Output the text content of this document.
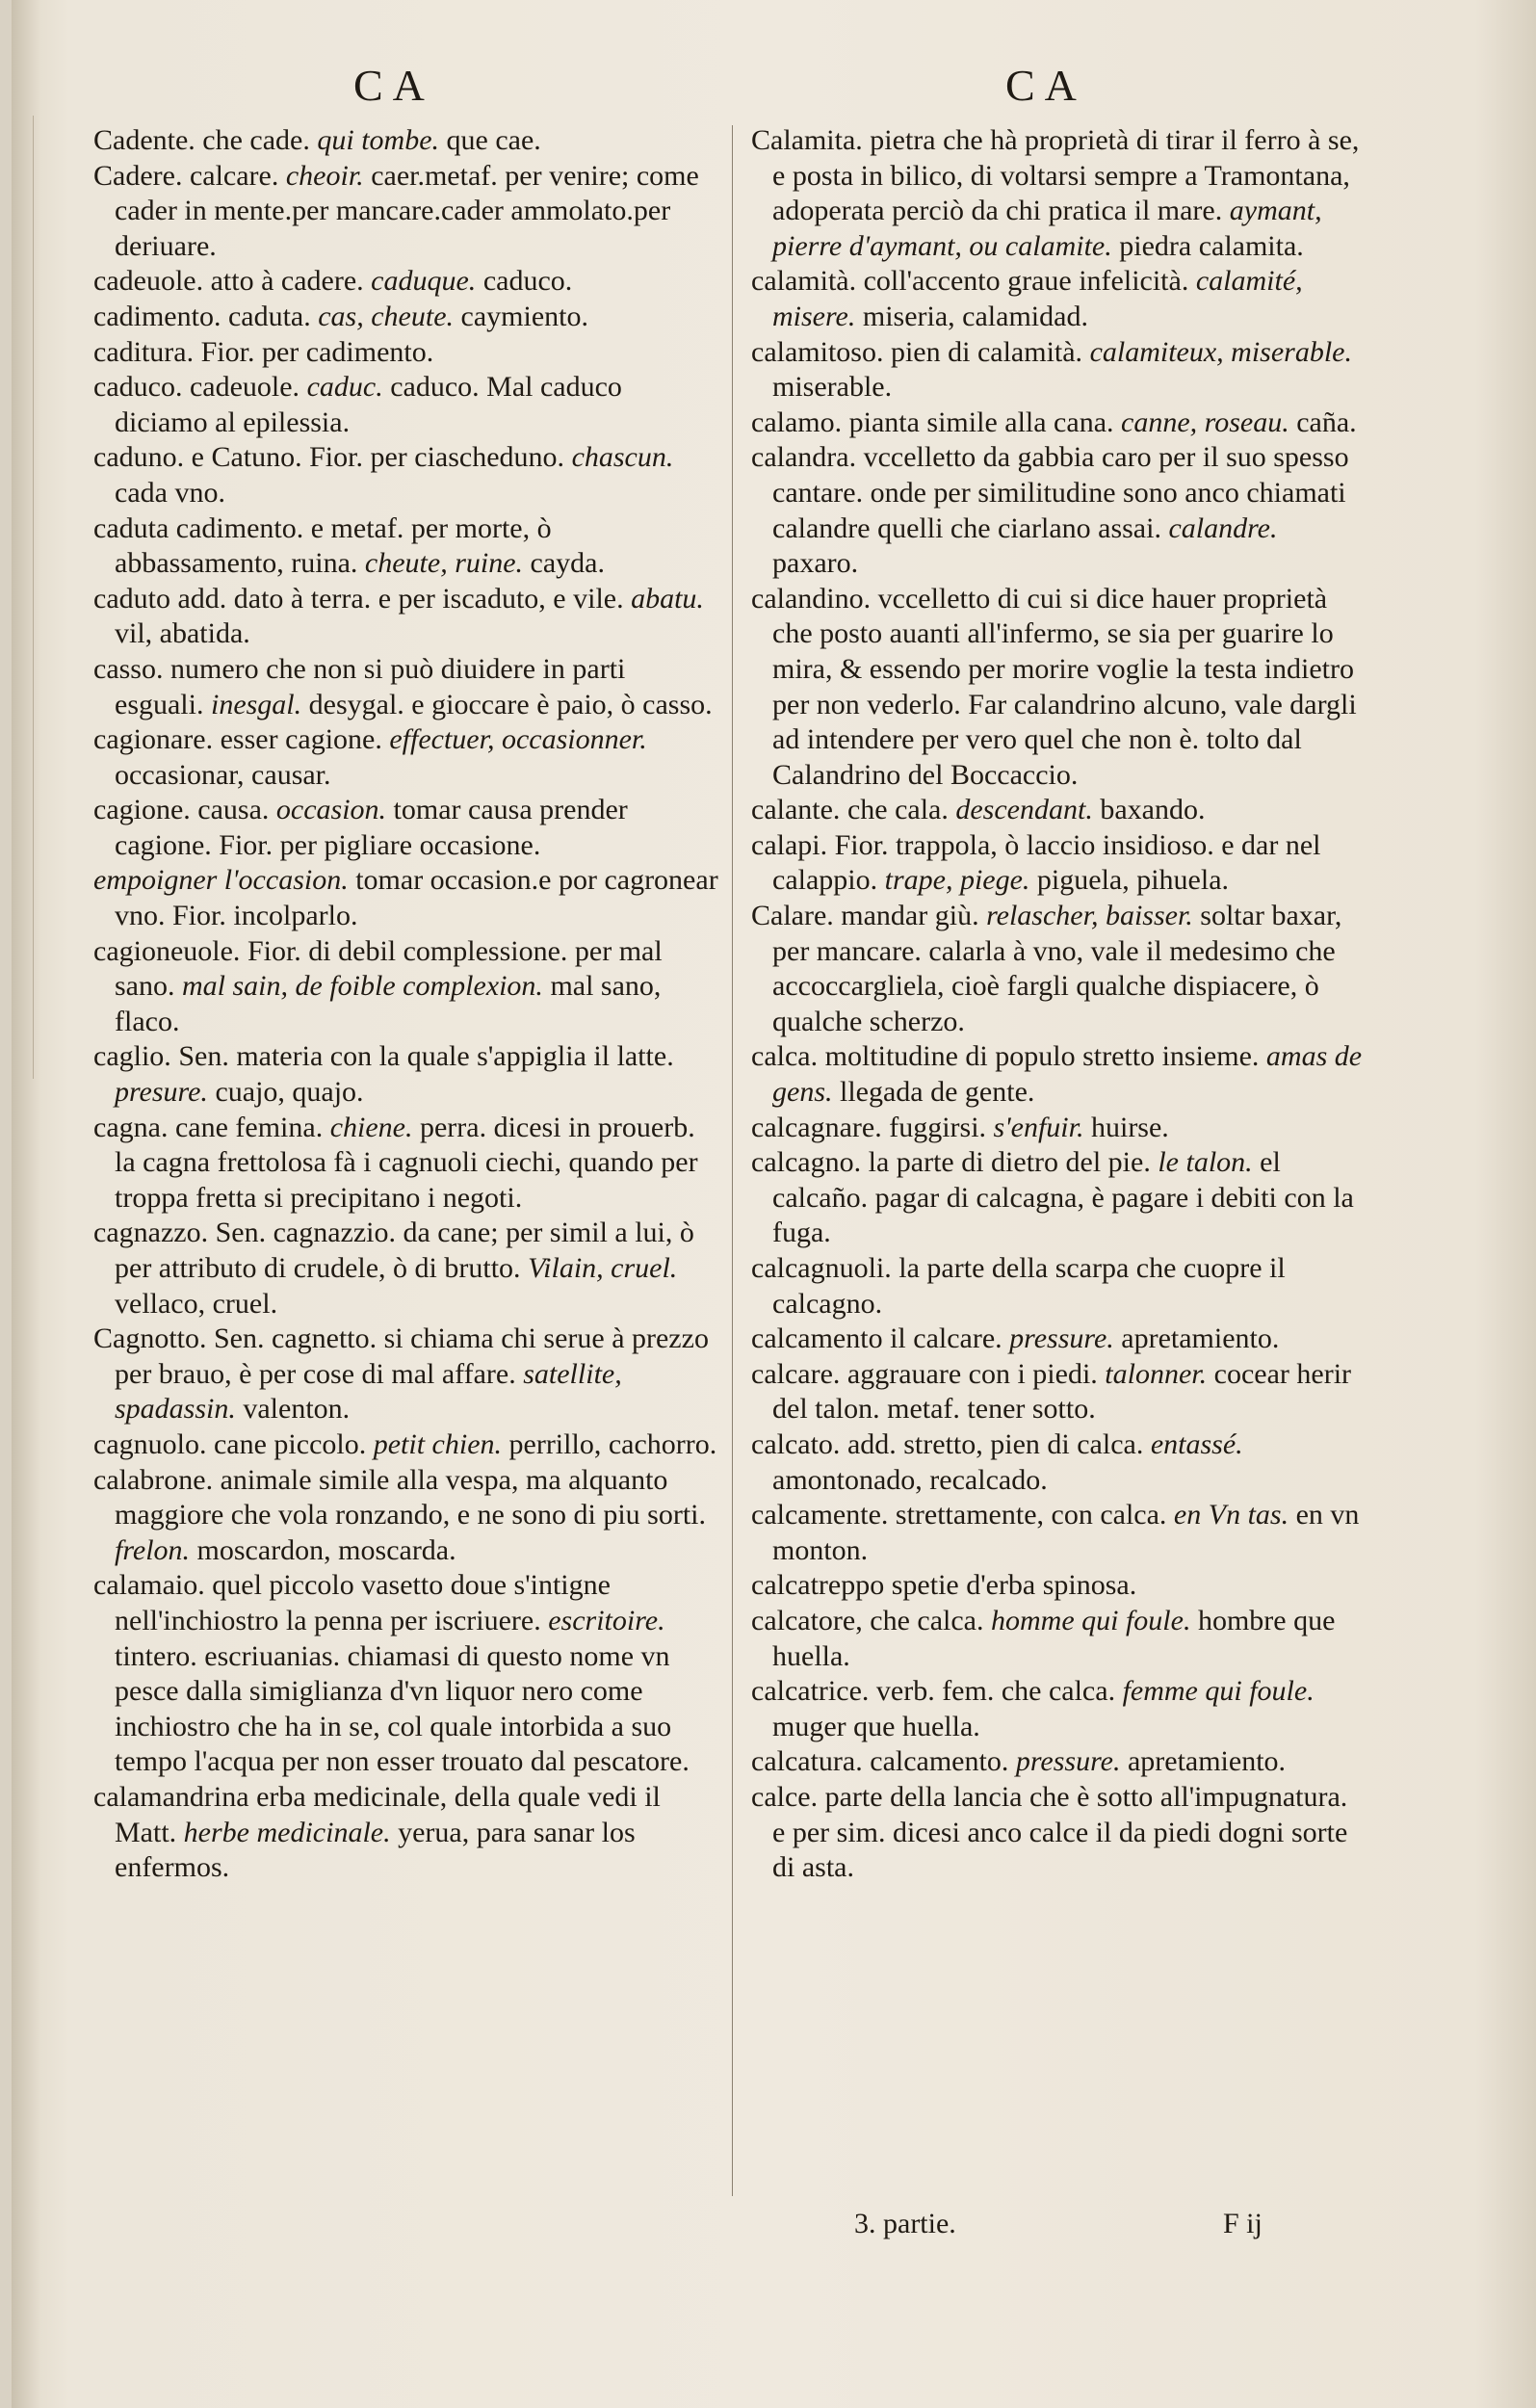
CA	CA

Cadente. che cade. qui tombe. que cae.

Cadere. calcare. cheoir. caer.metaf. per venire; come cader in mente.per mancare.cader ammolato.per deriuare.

cadeuole. atto à cadere. caduque. caduco.

cadimento. caduta. cas, cheute. caymiento.

caditura. Fior. per cadimento.

caduco. cadeuole. caduc. caduco. Mal caduco diciamo al epilessia.

caduno. e Catuno. Fior. per ciascheduno. chascun. cada vno.

caduta cadimento. e metaf. per morte, ò abbassamento, ruina. cheute, ruine. cayda.

caduto add. dato à terra. e per iscaduto, e vile. abatu. vil, abatida.

casso. numero che non si può diuidere in parti esguali. inesgal. desygal. e gioccare è paio, ò casso.

cagionare. esser cagione. effectuer, occasionner. occasionar, causar.

cagione. causa. occasion. tomar causa prender cagione. Fior. per pigliare occasione.

empoigner l'occasion. tomar occasion.e por cagronear vno. Fior. incolparlo.

cagioneuole. Fior. di debil complessione. per mal sano. mal sain, de foible complexion. mal sano, flaco.

caglio. Sen. materia con la quale s'appiglia il latte. presure. cuajo, quajo.

cagna. cane femina. chiene. perra. dicesi in prouerb. la cagna frettolosa fà i cagnuoli ciechi, quando per troppa fretta si precipitano i negoti.

cagnazzo. Sen. cagnazzio. da cane; per simil a lui, ò per attributo di crudele, ò di brutto. Vilain, cruel. vellaco, cruel.

Cagnotto. Sen. cagnetto. si chiama chi serue à prezzo per brauo, è per cose di mal affare. satellite, spadassin. valenton.

cagnuolo. cane piccolo. petit chien. perrillo, cachorro.

calabrone. animale simile alla vespa, ma alquanto maggiore che vola ronzando, e ne sono di piu sorti. frelon. moscardon, moscarda.

calamaio. quel piccolo vasetto doue s'intigne nell'inchiostro la penna per iscriuere. escritoire. tintero. escriuanias. chiamasi di questo nome vn pesce dalla simiglianza d'vn liquor nero come inchiostro che ha in se, col quale intorbida a suo tempo l'acqua per non esser trouato dal pescatore.

calamandrina erba medicinale, della quale vedi il Matt. herbe medicinale. yerua, para sanar los enfermos.

Calamita. pietra che hà proprietà di tirar il ferro à se, e posta in bilico, di voltarsi sempre a Tramontana, adoperata perciò da chi pratica il mare. aymant, pierre d'aymant, ou calamite. piedra calamita.

calamità. coll'accento graue infelicità. calamité, misere. miseria, calamidad.

calamitoso. pien di calamità. calamiteux, miserable. miserable.

calamo. pianta simile alla cana. canne, roseau. caña.

calandra. vccelletto da gabbia caro per il suo spesso cantare. onde per similitudine sono anco chiamati calandre quelli che ciarlano assai. calandre. paxaro.

calandino. vccelletto di cui si dice hauer proprietà che posto auanti all'infermo, se sia per guarire lo mira, & essendo per morire voglie la testa indietro per non vederlo. Far calandrino alcuno, vale dargli ad intendere per vero quel che non è. tolto dal Calandrino del Boccaccio.

calante. che cala. descendant. baxando.

calapi. Fior. trappola, ò laccio insidioso. e dar nel calappio. trape, piege. piguela, pihuela.

Calare. mandar giù. relascher, baisser. soltar baxar, per mancare. calarla à vno, vale il medesimo che accoccargliela, cioè fargli qualche dispiacere, ò qualche scherzo.

calca. moltitudine di populo stretto insieme. amas de gens. llegada de gente.

calcagnare. fuggirsi. s'enfuir. huirse.

calcagno. la parte di dietro del pie. le talon. el calcaño. pagar di calcagna, è pagare i debiti con la fuga.

calcagnuoli. la parte della scarpa che cuopre il calcagno.

calcamento il calcare. pressure. apretamiento.

calcare. aggrauare con i piedi. talonner. cocear herir del talon. metaf. tener sotto.

calcato. add. stretto, pien di calca. entassé. amontonado, recalcado.

calcamente. strettamente, con calca. en Vn tas. en vn monton.

calcatreppo spetie d'erba spinosa.

calcatore, che calca. homme qui foule. hombre que huella.

calcatrice. verb. fem. che calca. femme qui foule. muger que huella.

calcatura. calcamento. pressure. apretamiento.

calce. parte della lancia che è sotto all'impugnatura. e per sim. dicesi anco calce il da piedi dogni sorte di asta.

3. partie.	F ij
